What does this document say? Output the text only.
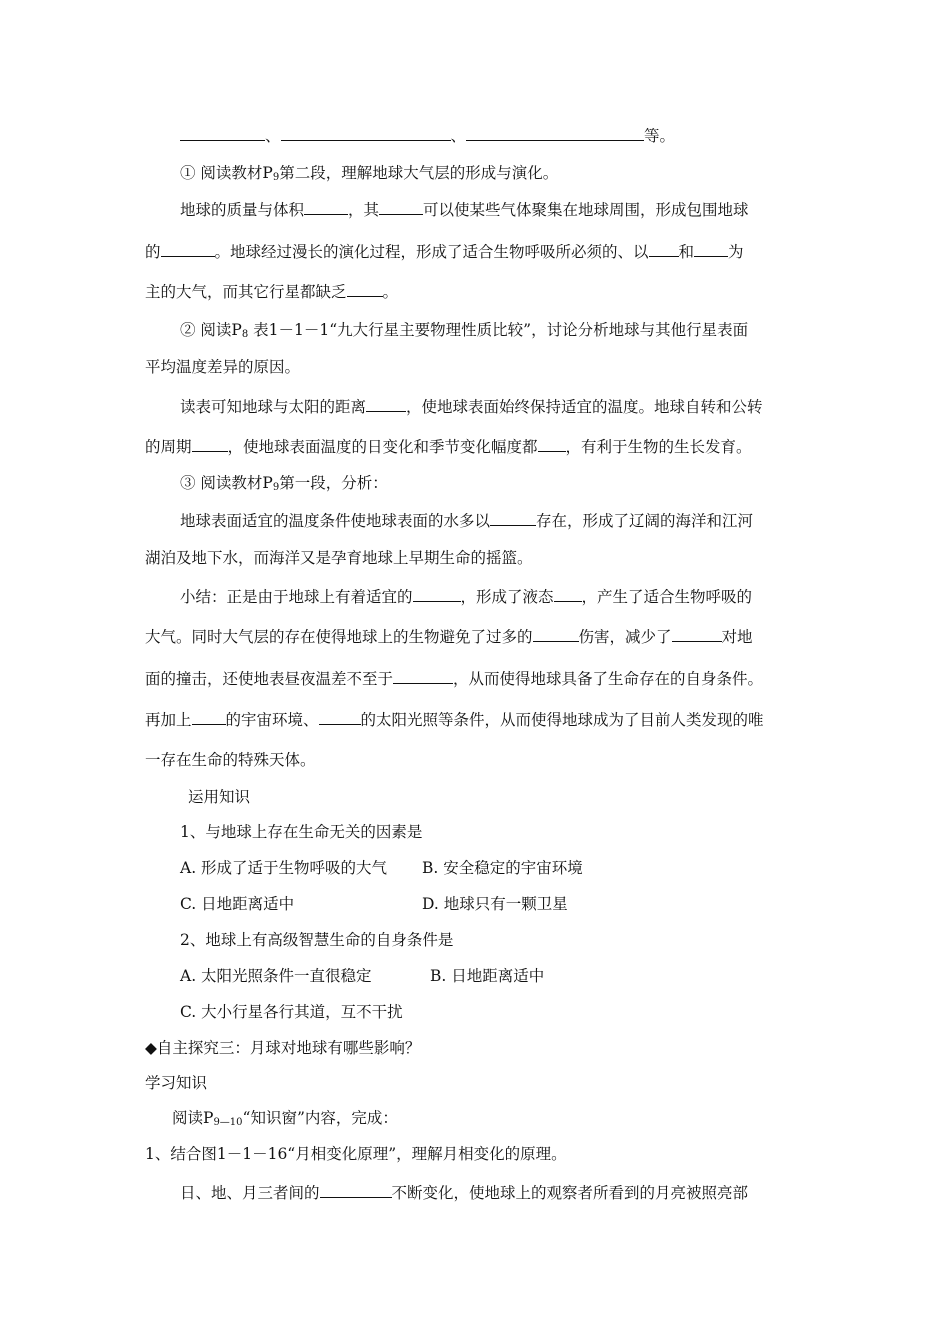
、	、	等。
① 阅读教材$P_9$第二段，理解地球大气层的形成与演化。
地球的质量与体积	，其	可以使某些气体聚集在地球周围，形成包围地球
的	。地球经过漫长的演化过程，形成了适合生物呼吸所必须的、以 和 为
主的大气，而其它行星都缺乏 。
② 阅读$P_8$ 表1－1－1“九大行星主要物理性质比较”，讨论分析地球与其他行星表面
平均温度差异的原因。
读表可知地球与太阳的距离	，使地球表面始终保持适宜的温度。地球自转和公转
的周期 ，使地球表面温度的日变化和季节变化幅度都 ，有利于生物的生长发育。
③ 阅读教材$P_9$第一段，分析：
地球表面适宜的温度条件使地球表面的水多以	存在，形成了辽阔的海洋和江河
湖泊及地下水，而海洋又是孕育地球上早期生命的摇篮。
小结：正是由于地球上有着适宜的	，形成了液态 ，产生了适合生物呼吸的
大气。同时大气层的存在使得地球上的生物避免了过多的	伤害，减少了	对地
面的撞击，还使地表昼夜温差不至于	，从而使得地球具备了生命存在的自身条件。
再加上 的宇宙环境、	的太阳光照等条件，从而使得地球成为了目前人类发现的唯
一存在生命的特殊天体。
运用知识
1、与地球上存在生命无关的因素是
A. 形成了适于生物呼吸的大气 B. 安全稳定的宇宙环境
C. 日地距离适中	D. 地球只有一颗卫星
2、地球上有高级智慧生命的自身条件是
A. 太阳光照条件一直很稳定	B. 日地距离适中
C. 大小行星各行其道，互不干扰
◆自主探究三：月球对地球有哪些影响？
学习知识
阅读$P_{9—10}“$知识窗”内容，完成：
1、结合图1－1－16“月相变化原理”，理解月相变化的原理。
日、地、月三者间的	不断变化，使地球上的观察者所看到的月亮被照亮部
